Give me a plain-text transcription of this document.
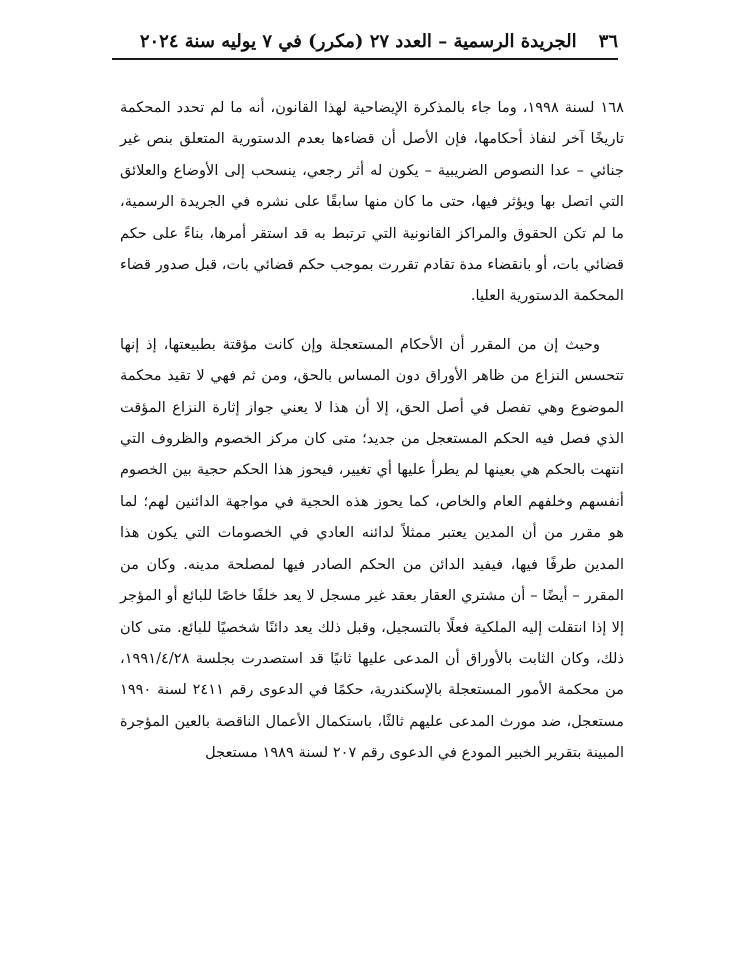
٣٦
الجريدة الرسمية – العدد ٢٧ (مكرر) في ٧ يوليه سنة ٢٠٢٤

١٦٨ لسنة ١٩٩٨، وما جاء بالمذكرة الإيضاحية لهذا القانون، أنه ما لم تحدد المحكمة تاريخًا آخر لنفاذ أحكامها، فإن الأصل أن قضاءها بعدم الدستورية المتعلق بنص غير جنائي – عدا النصوص الضريبية – يكون له أثر رجعي، ينسحب إلى الأوضاع والعلائق التي اتصل بها ويؤثر فيها، حتى ما كان منها سابقًا على نشره في الجريدة الرسمية، ما لم تكن الحقوق والمراكز القانونية التي ترتبط به قد استقر أمرها، بناءً على حكم قضائي بات، أو بانقضاء مدة تقادم تقررت بموجب حكم قضائي بات، قبل صدور قضاء المحكمة الدستورية العليا.

وحيث إن من المقرر أن الأحكام المستعجلة وإن كانت مؤقتة بطبيعتها، إذ إنها تتحسس النزاع من ظاهر الأوراق دون المساس بالحق، ومن ثم فهي لا تقيد محكمة الموضوع وهي تفصل في أصل الحق، إلا أن هذا لا يعني جواز إثارة النزاع المؤقت الذي فصل فيه الحكم المستعجل من جديد؛ متى كان مركز الخصوم والظروف التي انتهت بالحكم هي بعينها لم يطرأ عليها أي تغيير، فيحوز هذا الحكم حجية بين الخصوم أنفسهم وخلفهم العام والخاص، كما يحوز هذه الحجية في مواجهة الدائنين لهم؛ لما هو مقرر من أن المدين يعتبر ممثلاً لدائنه العادي في الخصومات التي يكون هذا المدين طرفًا فيها، فيفيد الدائن من الحكم الصادر فيها لمصلحة مدينه. وكان من المقرر – أيضًا – أن مشتري العقار بعقد غير مسجل لا يعد خلفًا خاصًا للبائع أو المؤجر إلا إذا انتقلت إليه الملكية فعلًا بالتسجيل، وقبل ذلك يعد دائنًا شخصيًا للبائع. متى كان ذلك، وكان الثابت بالأوراق أن المدعى عليها ثانيًا قد استصدرت بجلسة ١٩٩١/٤/٢٨، من محكمة الأمور المستعجلة بالإسكندرية، حكمًا في الدعوى رقم ٢٤١١ لسنة ١٩٩٠ مستعجل، ضد مورث المدعى عليهم ثالثًا، باستكمال الأعمال الناقصة بالعين المؤجرة المبينة بتقرير الخبير المودع في الدعوى رقم ٢٠٧ لسنة ١٩٨٩ مستعجل
